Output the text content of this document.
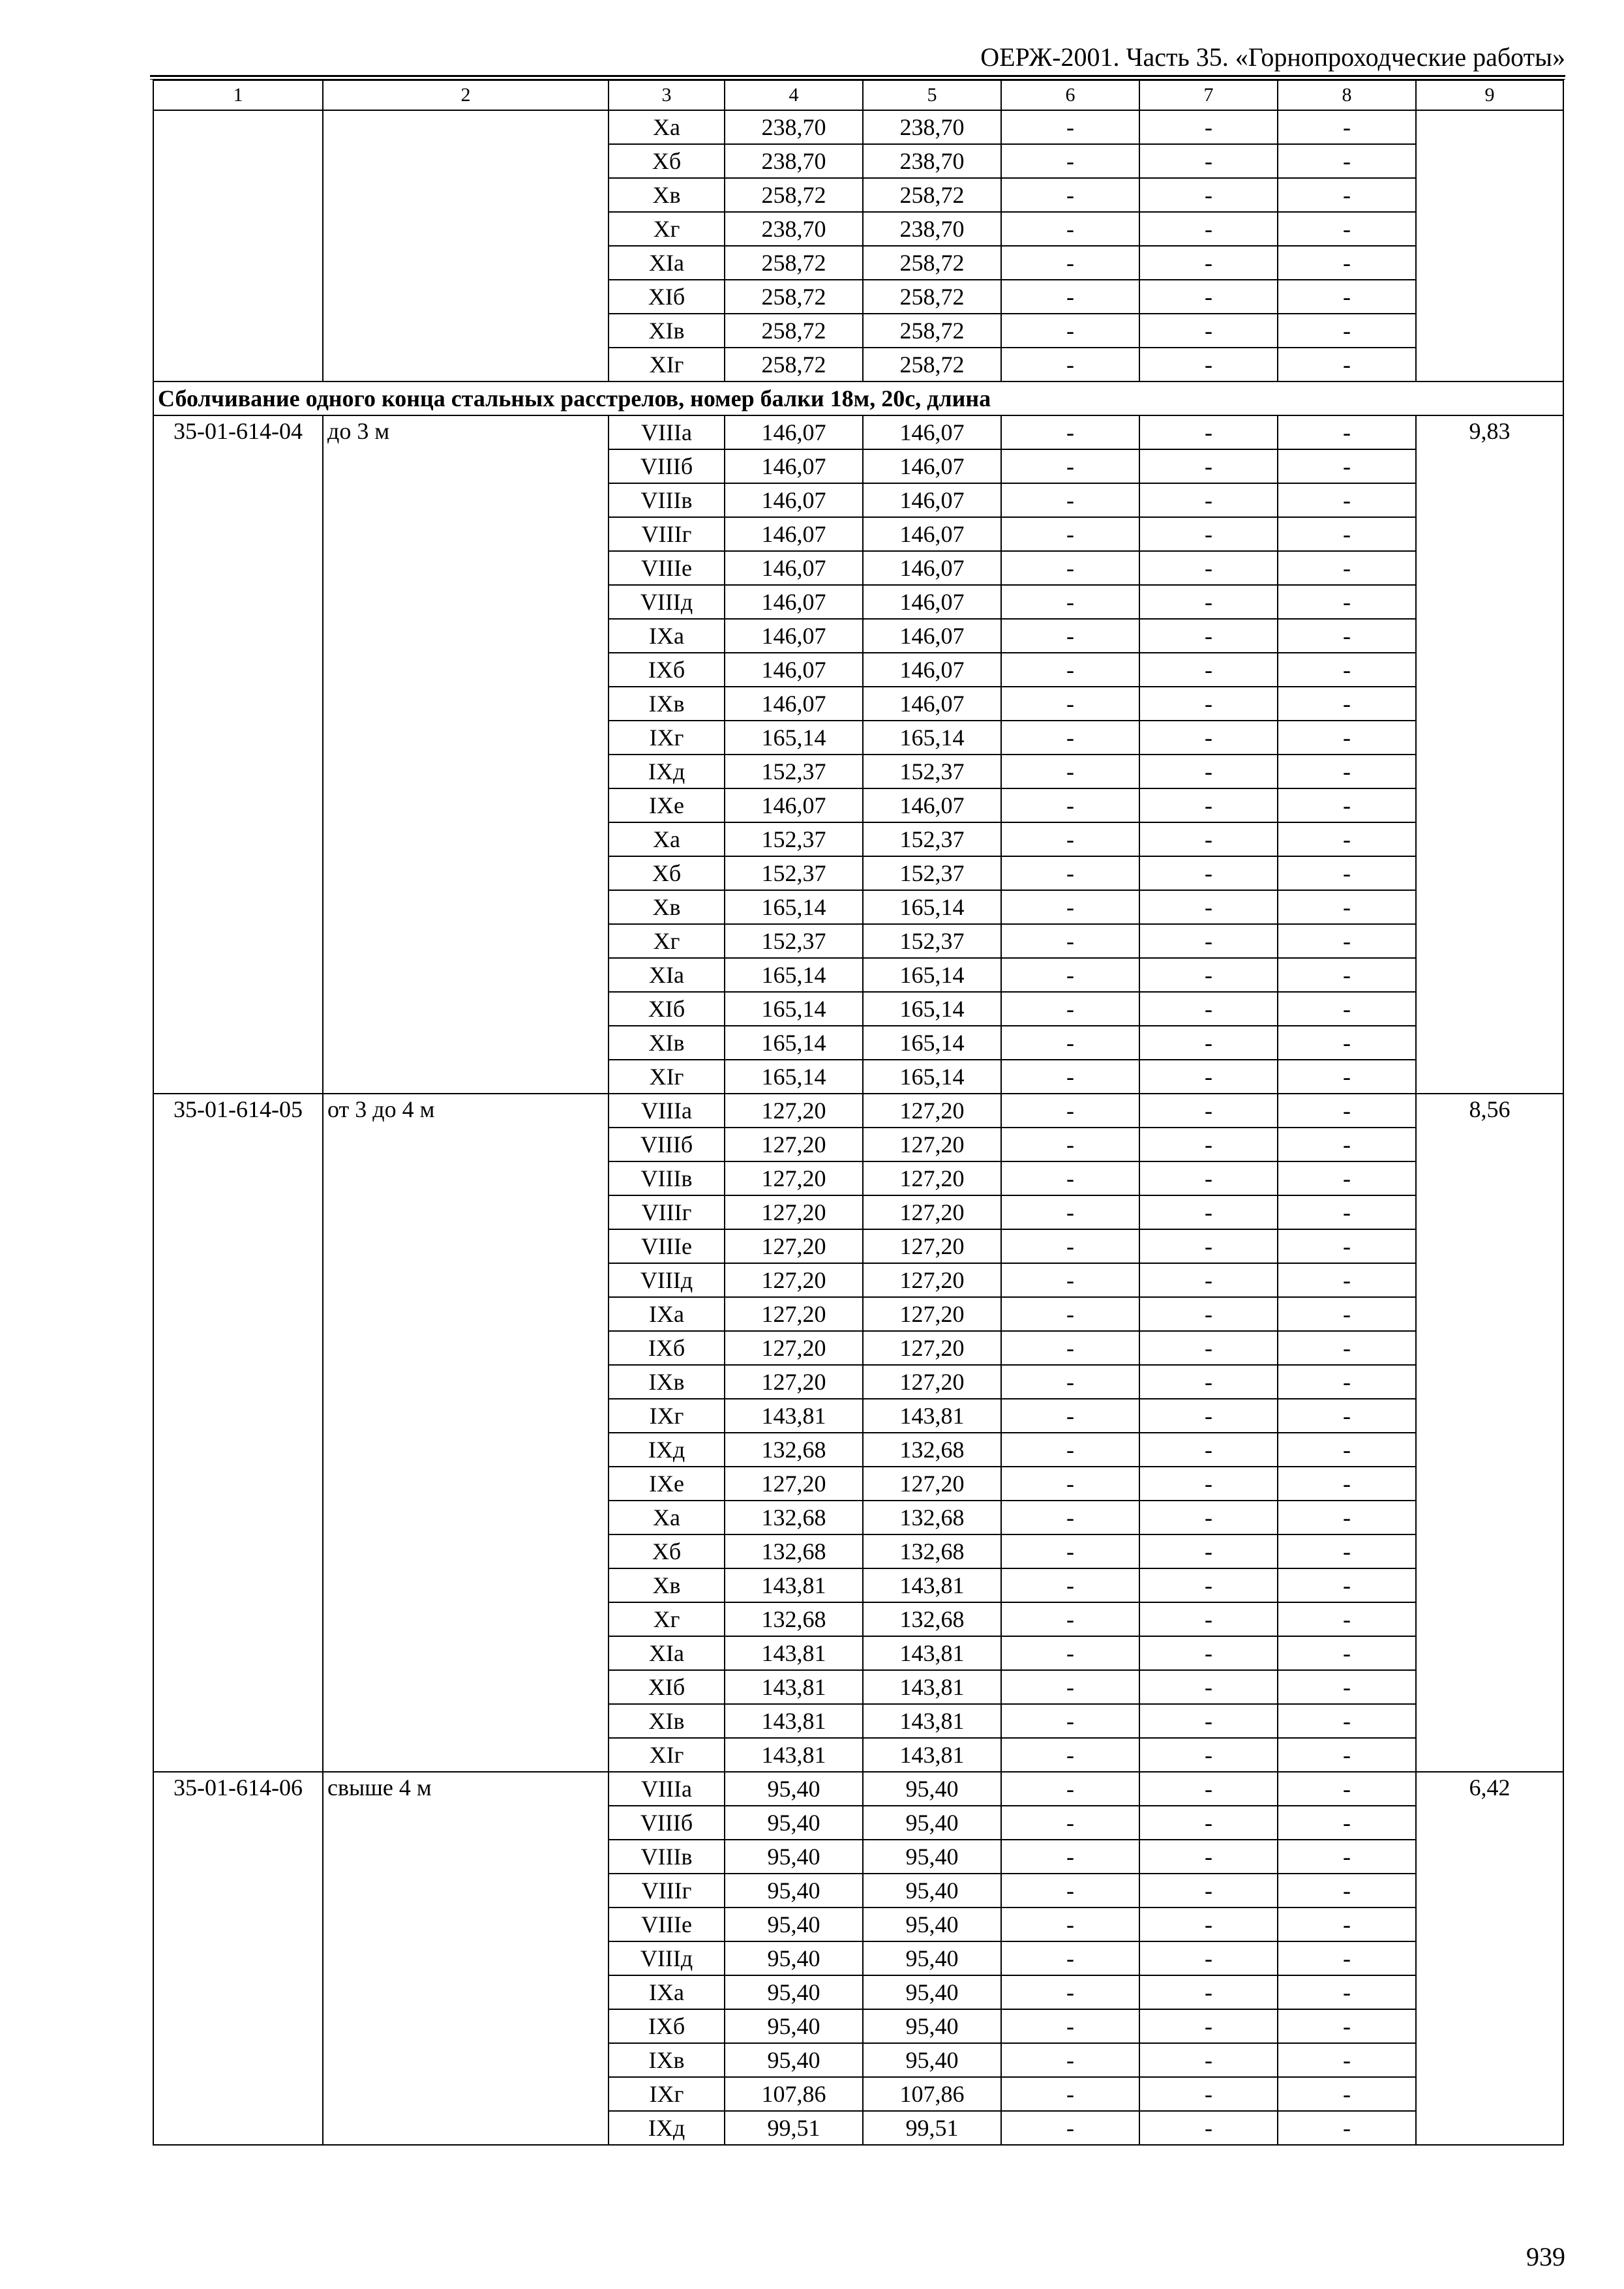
ОЕРЖ-2001. Часть 35. «Горнопроходческие работы»
1	2	3	4	5	6	7	8	9
		Xa	238,70	238,70	-	-	-	
		Xб	238,70	238,70	-	-	-	
		Xв	258,72	258,72	-	-	-	
		Xг	238,70	238,70	-	-	-	
		XIa	258,72	258,72	-	-	-	
		XIб	258,72	258,72	-	-	-	
		XIв	258,72	258,72	-	-	-	
		XIг	258,72	258,72	-	-	-	
Сболчивание одного конца стальных расстрелов, номер балки 18м, 20с, длина								
35-01-614-04	до 3 м	VIIIa	146,07	146,07	-	-	-	9,83
		VIIIб	146,07	146,07	-	-	-	
		VIIIв	146,07	146,07	-	-	-	
		VIIIг	146,07	146,07	-	-	-	
		VIIIе	146,07	146,07	-	-	-	
		VIIIд	146,07	146,07	-	-	-	
		IXa	146,07	146,07	-	-	-	
		IXб	146,07	146,07	-	-	-	
		IXв	146,07	146,07	-	-	-	
		IXг	165,14	165,14	-	-	-	
		IXд	152,37	152,37	-	-	-	
		IXе	146,07	146,07	-	-	-	
		Xa	152,37	152,37	-	-	-	
		Xб	152,37	152,37	-	-	-	
		Xв	165,14	165,14	-	-	-	
		Xг	152,37	152,37	-	-	-	
		XIa	165,14	165,14	-	-	-	
		XIб	165,14	165,14	-	-	-	
		XIв	165,14	165,14	-	-	-	
		XIг	165,14	165,14	-	-	-	
35-01-614-05	от 3 до 4 м	VIIIa	127,20	127,20	-	-	-	8,56
		VIIIб	127,20	127,20	-	-	-	
		VIIIв	127,20	127,20	-	-	-	
		VIIIг	127,20	127,20	-	-	-	
		VIIIе	127,20	127,20	-	-	-	
		VIIIд	127,20	127,20	-	-	-	
		IXa	127,20	127,20	-	-	-	
		IXб	127,20	127,20	-	-	-	
		IXв	127,20	127,20	-	-	-	
		IXг	143,81	143,81	-	-	-	
		IXд	132,68	132,68	-	-	-	
		IXе	127,20	127,20	-	-	-	
		Xa	132,68	132,68	-	-	-	
		Xб	132,68	132,68	-	-	-	
		Xв	143,81	143,81	-	-	-	
		Xг	132,68	132,68	-	-	-	
		XIa	143,81	143,81	-	-	-	
		XIб	143,81	143,81	-	-	-	
		XIв	143,81	143,81	-	-	-	
		XIг	143,81	143,81	-	-	-	
35-01-614-06	свыше 4 м	VIIIa	95,40	95,40	-	-	-	6,42
		VIIIб	95,40	95,40	-	-	-	
		VIIIв	95,40	95,40	-	-	-	
		VIIIг	95,40	95,40	-	-	-	
		VIIIе	95,40	95,40	-	-	-	
		VIIIд	95,40	95,40	-	-	-	
		IXa	95,40	95,40	-	-	-	
		IXб	95,40	95,40	-	-	-	
		IXв	95,40	95,40	-	-	-	
		IXг	107,86	107,86	-	-	-	
		IXд	99,51	99,51	-	-	-	
939
